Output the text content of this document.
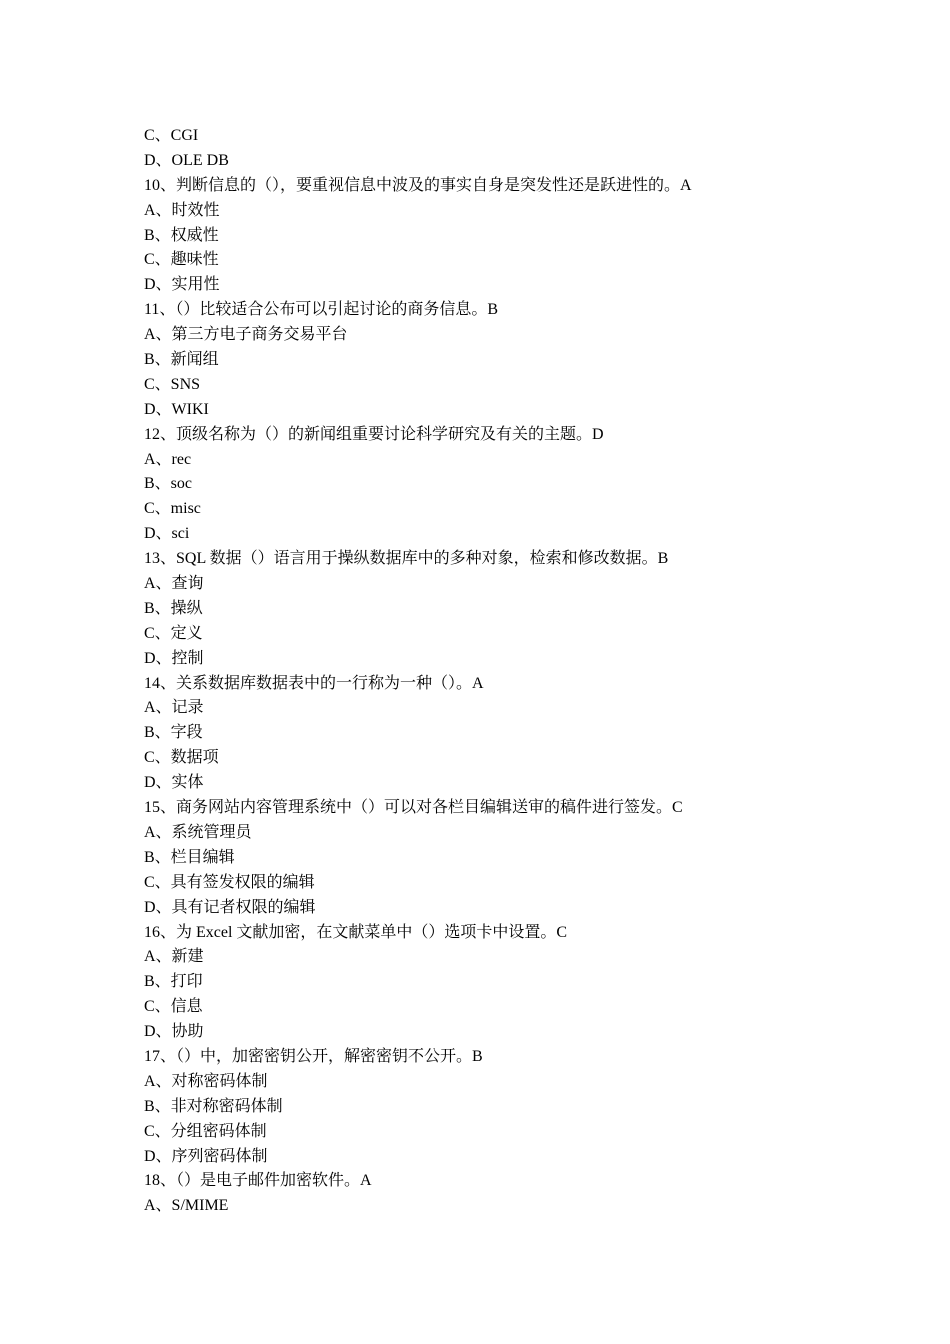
C、CGI

D、OLE DB

10、判断信息的（），要重视信息中波及的事实自身是突发性还是跃进性的。A

A、时效性

B、权威性

C、趣味性

D、实用性

11、（）比较适合公布可以引起讨论的商务信息。B

A、第三方电子商务交易平台

B、新闻组

C、SNS

D、WIKI

12、顶级名称为（）的新闻组重要讨论科学研究及有关的主题。D

A、rec

B、soc

C、misc

D、sci

13、SQL 数据（）语言用于操纵数据库中的多种对象，检索和修改数据。B

A、查询

B、操纵

C、定义

D、控制

14、关系数据库数据表中的一行称为一种（）。A

A、记录

B、字段

C、数据项

D、实体

15、商务网站内容管理系统中（）可以对各栏目编辑送审的稿件进行签发。C

A、系统管理员

B、栏目编辑

C、具有签发权限的编辑

D、具有记者权限的编辑

16、为 Excel 文献加密，在文献菜单中（）选项卡中设置。C

A、新建

B、打印

C、信息

D、协助

17、（）中，加密密钥公开，解密密钥不公开。B

A、对称密码体制

B、非对称密码体制

C、分组密码体制

D、序列密码体制

18、（）是电子邮件加密软件。A

A、S/MIME
